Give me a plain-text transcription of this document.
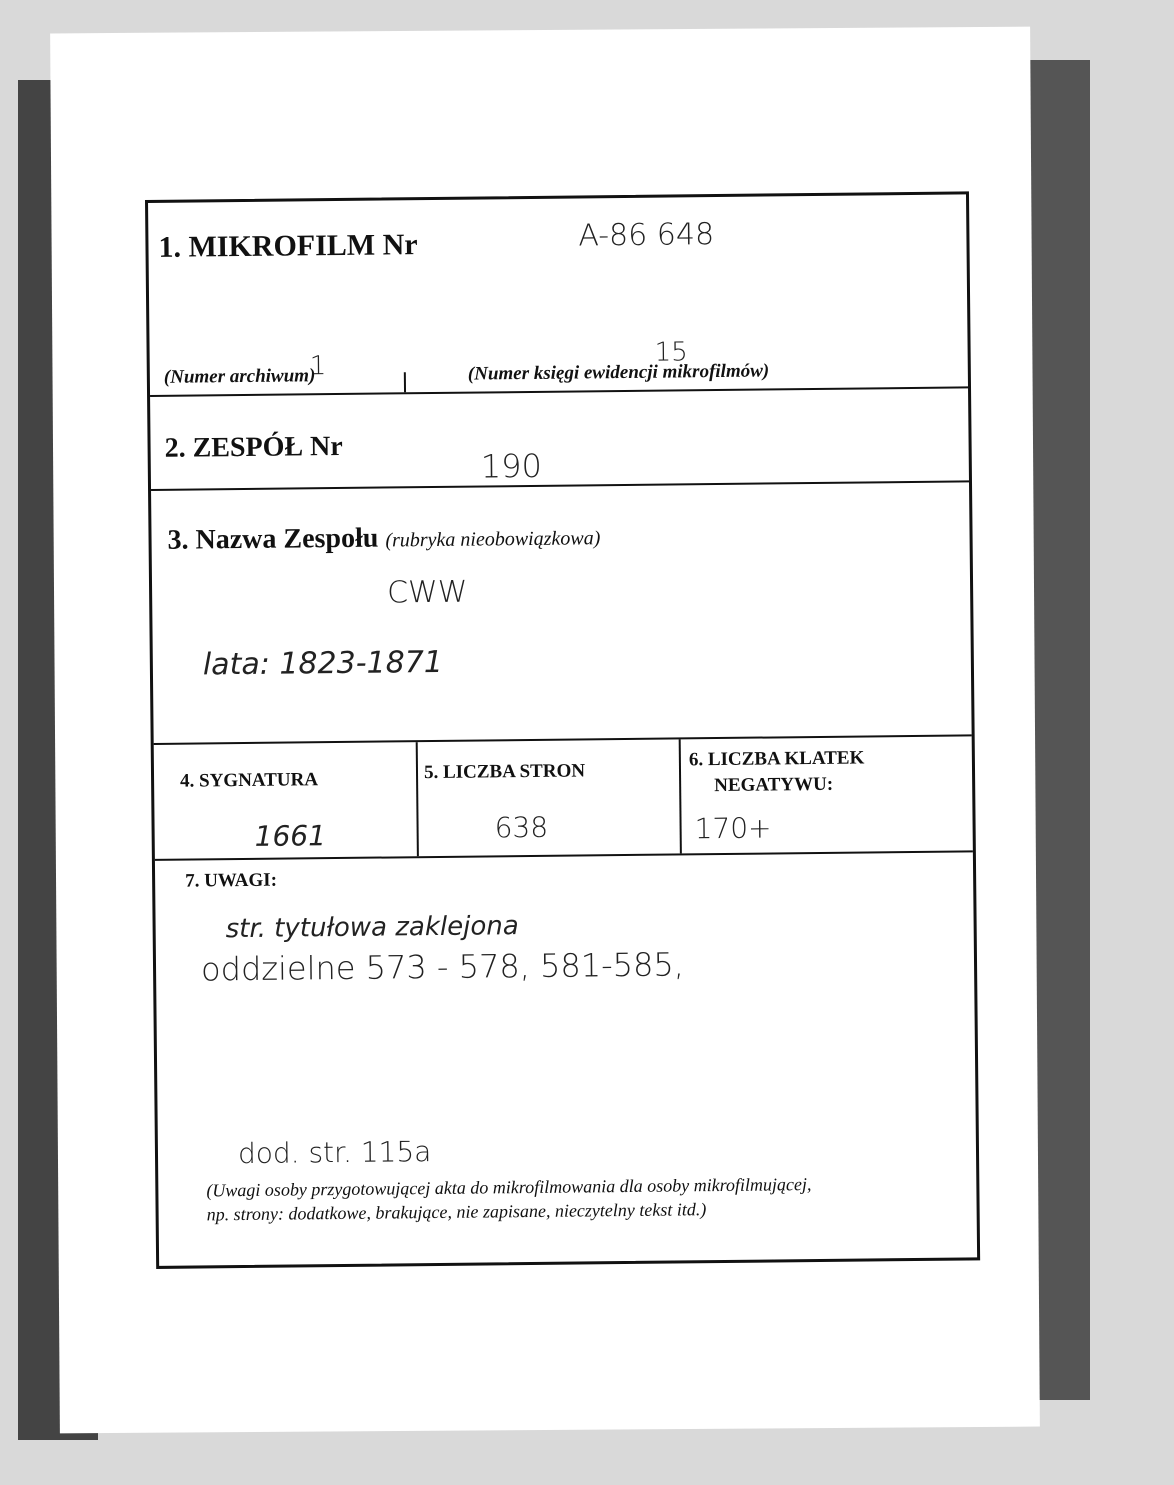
1. MIKROFILM Nr	A-86 648
1	15
(Numer archiwum)	(Numer księgi ewidencji mikrofilmów)
2. ZESPÓŁ Nr	190
3. Nazwa Zespołu (rubryka nieobowiązkowa)
CWW
lata: 1823-1871
4. SYGNATURA
1661
5. LICZBA STRON
638
6. LICZBA KLATEK
NEGATYWU:
170+
7. UWAGI:
str. tytułowa zaklejona
oddzielne 573 - 578, 581-585,
dod. str. 115a
(Uwagi osoby przygotowującej akta do mikrofilmowania dla osoby mikrofilmującej,
np. strony: dodatkowe, brakujące, nie zapisane, nieczytelny tekst itd.)
